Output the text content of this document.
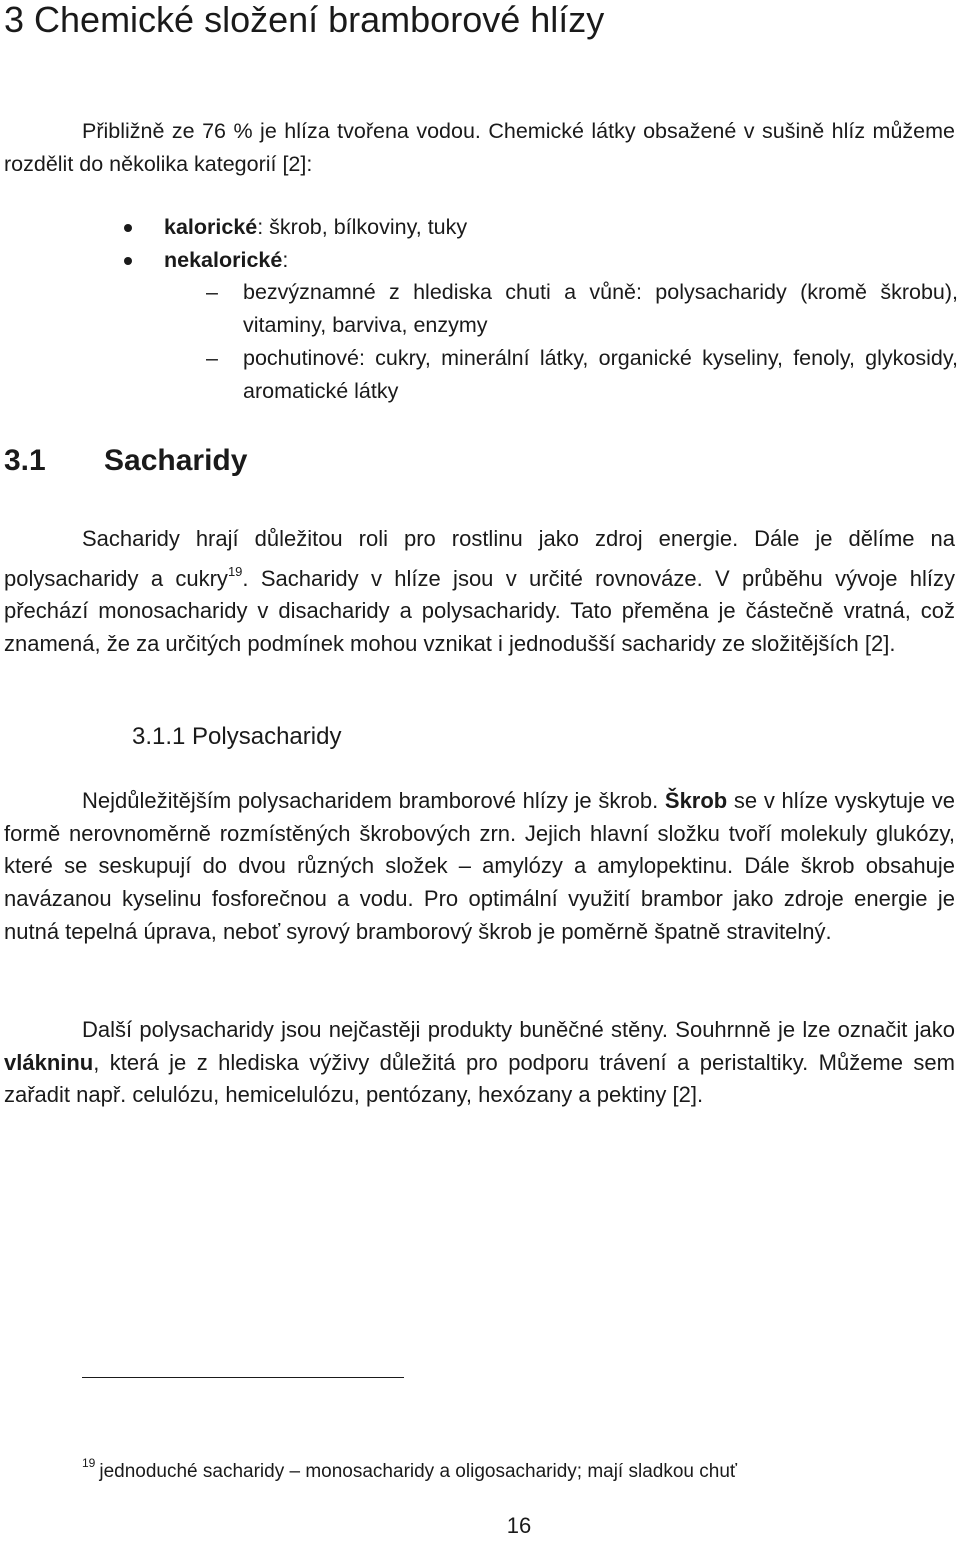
3 Chemické složení bramborové hlízy

Přibližně ze 76 % je hlíza tvořena vodou. Chemické látky obsažené v sušině hlíz můžeme rozdělit do několika kategorií [2]:

kalorické: škrob, bílkoviny, tuky
nekalorické:
– bezvýznamné z hlediska chuti a vůně: polysacharidy (kromě škrobu), vitaminy, barviva, enzymy
– pochutinové: cukry, minerální látky, organické kyseliny, fenoly, glykosidy, aromatické látky
3.1 Sacharidy

Sacharidy hrají důležitou roli pro rostlinu jako zdroj energie. Dále je dělíme na polysacharidy a cukry$^{19}$. Sacharidy v hlíze jsou v určité rovnováze. V průběhu vývoje hlízy přechází monosacharidy v disacharidy a polysacharidy. Tato přeměna je částečně vratná, což znamená, že za určitých podmínek mohou vznikat i jednodušší sacharidy ze složitějších [2].

3.1.1 Polysacharidy

Nejdůležitějším polysacharidem bramborové hlízy je škrob. Škrob se v hlíze vyskytuje ve formě nerovnoměrně rozmístěných škrobových zrn. Jejich hlavní složku tvoří molekuly glukózy, které se seskupují do dvou různých složek – amylózy a amylopektinu. Dále škrob obsahuje navázanou kyselinu fosforečnou a vodu. Pro optimální využití brambor jako zdroje energie je nutná tepelná úprava, neboť syrový bramborový škrob je poměrně špatně stravitelný.

Další polysacharidy jsou nejčastěji produkty buněčné stěny. Souhrnně je lze označit jako vlákninu, která je z hlediska výživy důležitá pro podporu trávení a peristaltiky. Můžeme sem zařadit např. celulózu, hemicelulózu, pentózany, hexózany a pektiny [2].

$^{19}$ jednoduché sacharidy – monosacharidy a oligosacharidy; mají sladkou chuť

16
